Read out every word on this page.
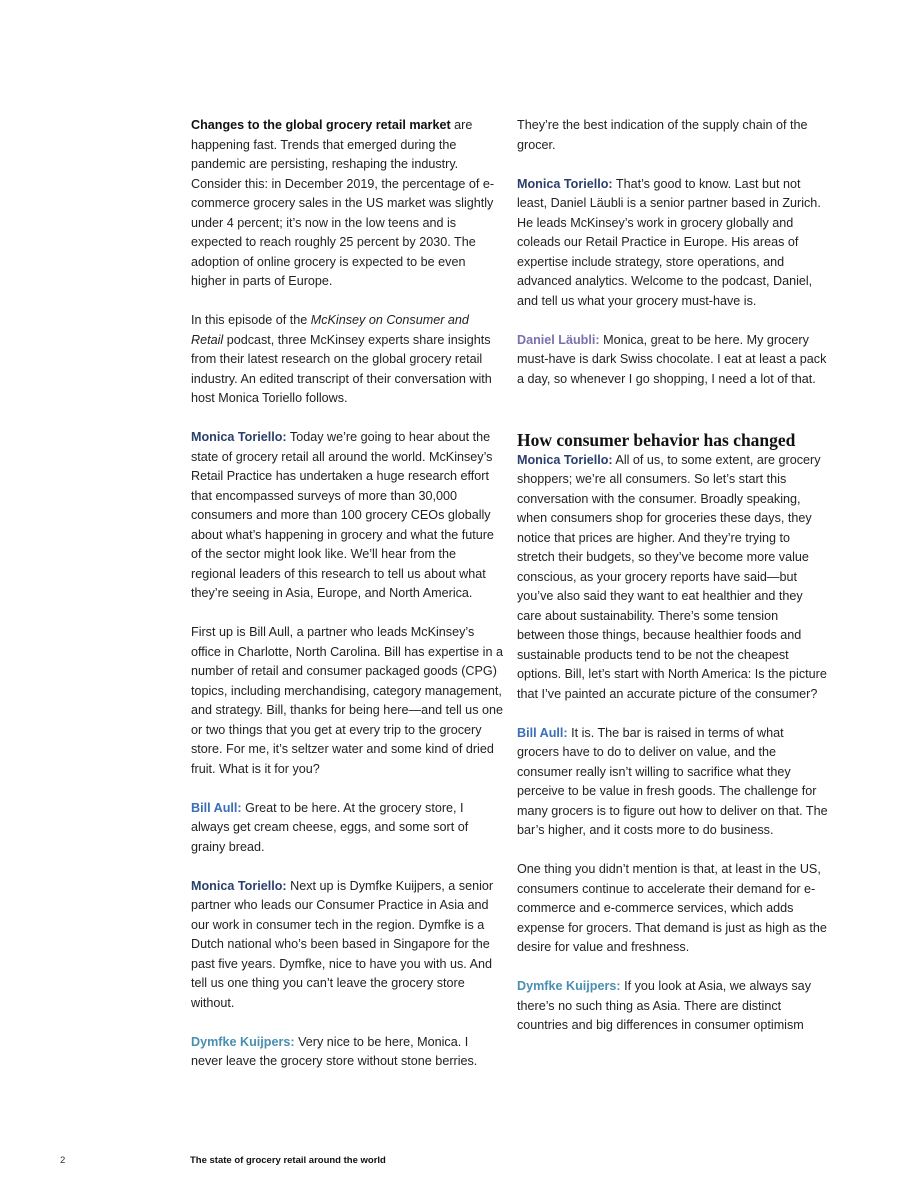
Changes to the global grocery retail market are happening fast. Trends that emerged during the pandemic are persisting, reshaping the industry. Consider this: in December 2019, the percentage of e-commerce grocery sales in the US market was slightly under 4 percent; it’s now in the low teens and is expected to reach roughly 25 percent by 2030. The adoption of online grocery is expected to be even higher in parts of Europe.

In this episode of the McKinsey on Consumer and Retail podcast, three McKinsey experts share insights from their latest research on the global grocery retail industry. An edited transcript of their conversation with host Monica Toriello follows.

Monica Toriello: Today we’re going to hear about the state of grocery retail all around the world. McKinsey’s Retail Practice has undertaken a huge research effort that encompassed surveys of more than 30,000 consumers and more than 100 grocery CEOs globally about what’s happening in grocery and what the future of the sector might look like. We’ll hear from the regional leaders of this research to tell us about what they’re seeing in Asia, Europe, and North America.

First up is Bill Aull, a partner who leads McKinsey’s office in Charlotte, North Carolina. Bill has expertise in a number of retail and consumer packaged goods (CPG) topics, including merchandising, category management, and strategy. Bill, thanks for being here—and tell us one or two things that you get at every trip to the grocery store. For me, it’s seltzer water and some kind of dried fruit. What is it for you?

Bill Aull: Great to be here. At the grocery store, I always get cream cheese, eggs, and some sort of grainy bread.

Monica Toriello: Next up is Dymfke Kuijpers, a senior partner who leads our Consumer Practice in Asia and our work in consumer tech in the region. Dymfke is a Dutch national who’s been based in Singapore for the past five years. Dymfke, nice to have you with us. And tell us one thing you can’t leave the grocery store without.

Dymfke Kuijpers: Very nice to be here, Monica. I never leave the grocery store without stone berries.

They’re the best indication of the supply chain of the grocer.

Monica Toriello: That’s good to know. Last but not least, Daniel Läubli is a senior partner based in Zurich. He leads McKinsey’s work in grocery globally and coleads our Retail Practice in Europe. His areas of expertise include strategy, store operations, and advanced analytics. Welcome to the podcast, Daniel, and tell us what your grocery must-have is.

Daniel Läubli: Monica, great to be here. My grocery must-have is dark Swiss chocolate. I eat at least a pack a day, so whenever I go shopping, I need a lot of that.

How consumer behavior has changed

Monica Toriello: All of us, to some extent, are grocery shoppers; we’re all consumers. So let’s start this conversation with the consumer. Broadly speaking, when consumers shop for groceries these days, they notice that prices are higher. And they’re trying to stretch their budgets, so they’ve become more value conscious, as your grocery reports have said—but you’ve also said they want to eat healthier and they care about sustainability. There’s some tension between those things, because healthier foods and sustainable products tend to be not the cheapest options. Bill, let’s start with North America: Is the picture that I’ve painted an accurate picture of the consumer?

Bill Aull: It is. The bar is raised in terms of what grocers have to do to deliver on value, and the consumer really isn’t willing to sacrifice what they perceive to be value in fresh goods. The challenge for many grocers is to figure out how to deliver on that. The bar’s higher, and it costs more to do business.

One thing you didn’t mention is that, at least in the US, consumers continue to accelerate their demand for e-commerce and e-commerce services, which adds expense for grocers. That demand is just as high as the desire for value and freshness.

Dymfke Kuijpers: If you look at Asia, we always say there’s no such thing as Asia. There are distinct countries and big differences in consumer optimism

2	The state of grocery retail around the world
